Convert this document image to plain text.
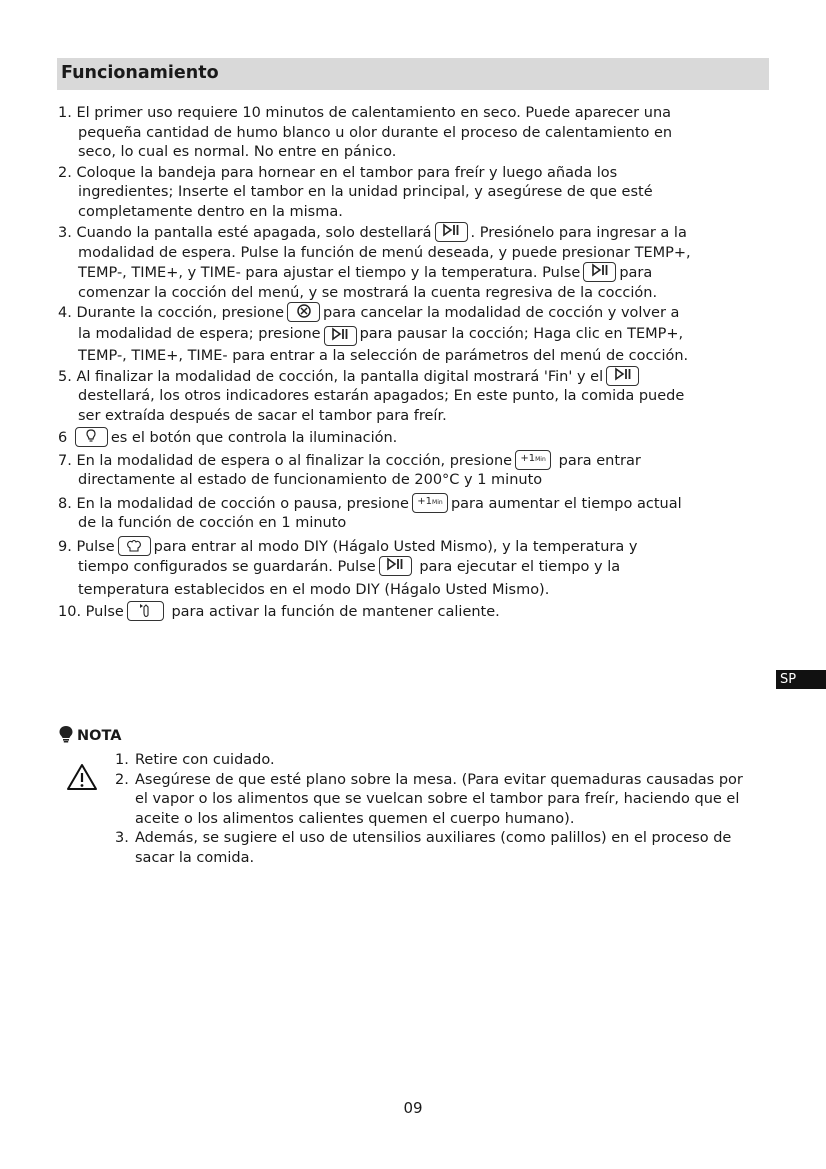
Funcionamiento
1. El primer uso requiere 10 minutos de calentamiento en seco. Puede aparecer una
pequeña cantidad de humo blanco u olor durante el proceso de calentamiento en
seco, lo cual es normal. No entre en pánico.
2. Coloque la bandeja para hornear en el tambor para freír y luego añada los
ingredientes; Inserte el tambor en la unidad principal, y asegúrese de que esté
completamente dentro en la misma.
3. Cuando la pantalla esté apagada, solo destellará	. Presiónelo para ingresar a la
modalidad de espera. Pulse la función de menú deseada, y puede presionar TEMP+,
TEMP-, TIME+, y TIME- para ajustar el tiempo y la temperatura. Pulse	para
comenzar la cocción del menú, y se mostrará la cuenta regresiva de la cocción.
4. Durante la cocción, presione	para cancelar la modalidad de cocción y volver a
la modalidad de espera; presione	para pausar la cocción; Haga clic en TEMP+,
TEMP-, TIME+, TIME- para entrar a la selección de parámetros del menú de cocción.
5. Al finalizar la modalidad de cocción, la pantalla digital mostrará 'Fin' y el
destellará, los otros indicadores estarán apagados; En este punto, la comida puede
ser extraída después de sacar el tambor para freír.
6	es el botón que controla la iluminación.
7. En la modalidad de espera o al finalizar la cocción, presione +1Min para entrar
directamente al estado de funcionamiento de 200°C y 1 minuto
8. En la modalidad de cocción o pausa, presione +1Min para aumentar el tiempo actual
de la función de cocción en 1 minuto
9. Pulse	para entrar al modo DIY (Hágalo Usted Mismo), y la temperatura y
tiempo configurados se guardarán. Pulse	para ejecutar el tiempo y la
temperatura establecidos en el modo DIY (Hágalo Usted Mismo).
10. Pulse	para activar la función de mantener caliente.
SP
NOTA
1. Retire con cuidado.
2. Asegúrese de que esté plano sobre la mesa. (Para evitar quemaduras causadas por el vapor o los alimentos que se vuelcan sobre el tambor para freír, haciendo que el aceite o los alimentos calientes quemen el cuerpo humano).
3. Además, se sugiere el uso de utensilios auxiliares (como palillos) en el proceso de sacar la comida.
09
